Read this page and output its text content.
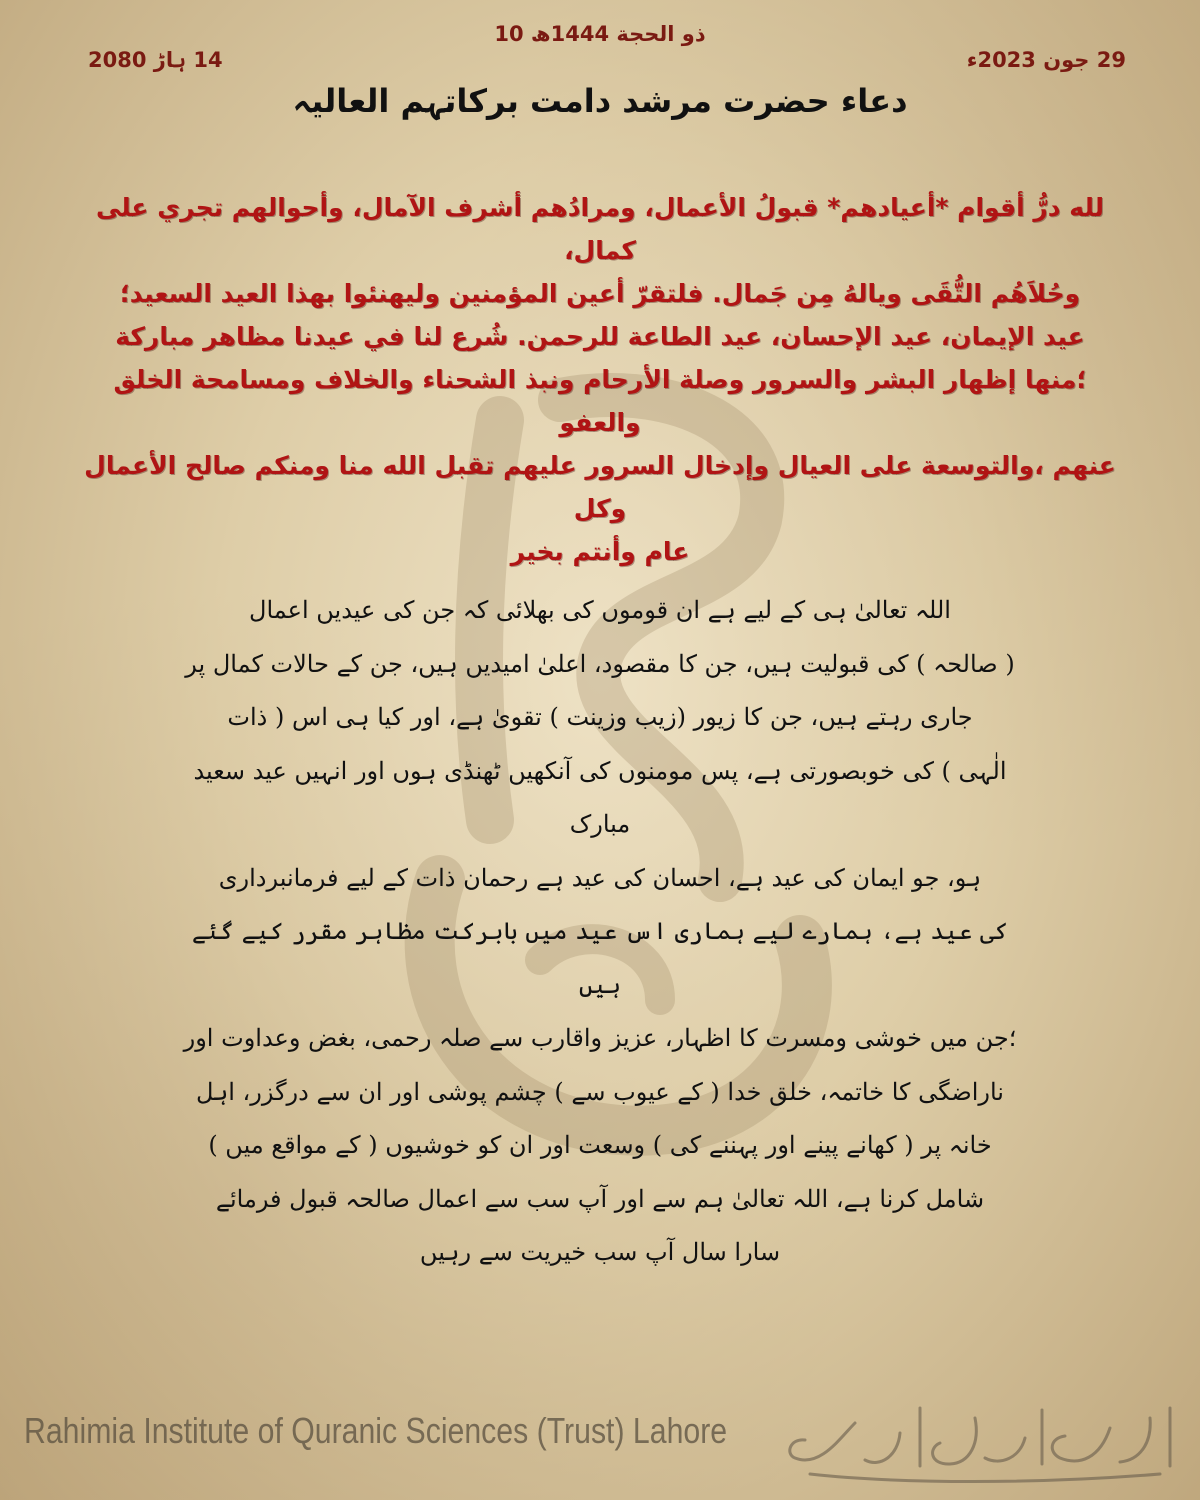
10 ذو الحجة 1444ھ
29 جون 2023ء
14 ہاڑ 2080
دعاء حضرت مرشد دامت برکاتہم العالیہ
لله درُّ أقوام *أعيادهم* قبولُ الأعمال، ومرادُهم أشرف الآمال، وأحوالهم تجري على كمال،
وحُلاَهُم التُّقَى ويالهُ مِن جَمال. فلتقرّ أعين المؤمنين وليهنئوا بهذا العيد السعيد؛
عيد الإيمان، عيد الإحسان، عيد الطاعة للرحمن. شُرع لنا في عيدنا مظاهر مباركة
؛منها إظهار البشر والسرور وصلة الأرحام ونبذ الشحناء والخلاف ومسامحة الخلق والعفو
عنهم ،والتوسعة على العيال وإدخال السرور عليهم تقبل الله منا ومنكم صالح الأعمال وكل
عام وأنتم بخير
اللہ تعالیٰ ہی کے لیے ہے ان قوموں کی بھلائی کہ جن کی عیدیں اعمال
( صالحہ ) کی قبولیت ہیں، جن کا مقصود، اعلیٰ امیدیں ہیں، جن کے حالات کمال پر
جاری رہتے ہیں، جن کا زیور (زیب وزینت ) تقویٰ ہے، اور کیا ہی اس ( ذات
الٰہی ) کی خوبصورتی ہے، پس مومنوں کی آنکھیں ٹھنڈی ہوں اور انہیں عید سعید مبارک
ہو، جو ایمان کی عید ہے، احسان کی عید ہے رحمان ذات کے لیے فرمانبرداری
کی عید ہے، ہمارے لیے ہماری اس عید میں بابرکت مظاہر مقرر کیے گئے ہیں
؛جن میں خوشی ومسرت کا اظہار، عزیز واقارب سے صلہ رحمی، بغض وعداوت اور
ناراضگی کا خاتمہ، خلق خدا ( کے عیوب سے ) چشم پوشی اور ان سے درگزر، اہل
خانہ پر ( کھانے پینے اور پہننے کی ) وسعت اور ان کو خوشیوں ( کے مواقع میں )
شامل کرنا ہے، اللہ تعالیٰ ہم سے اور آپ سب سے اعمال صالحہ قبول فرمائے
سارا سال آپ سب خیریت سے رہیں
Rahimia Institute of Quranic Sciences (Trust) Lahore
